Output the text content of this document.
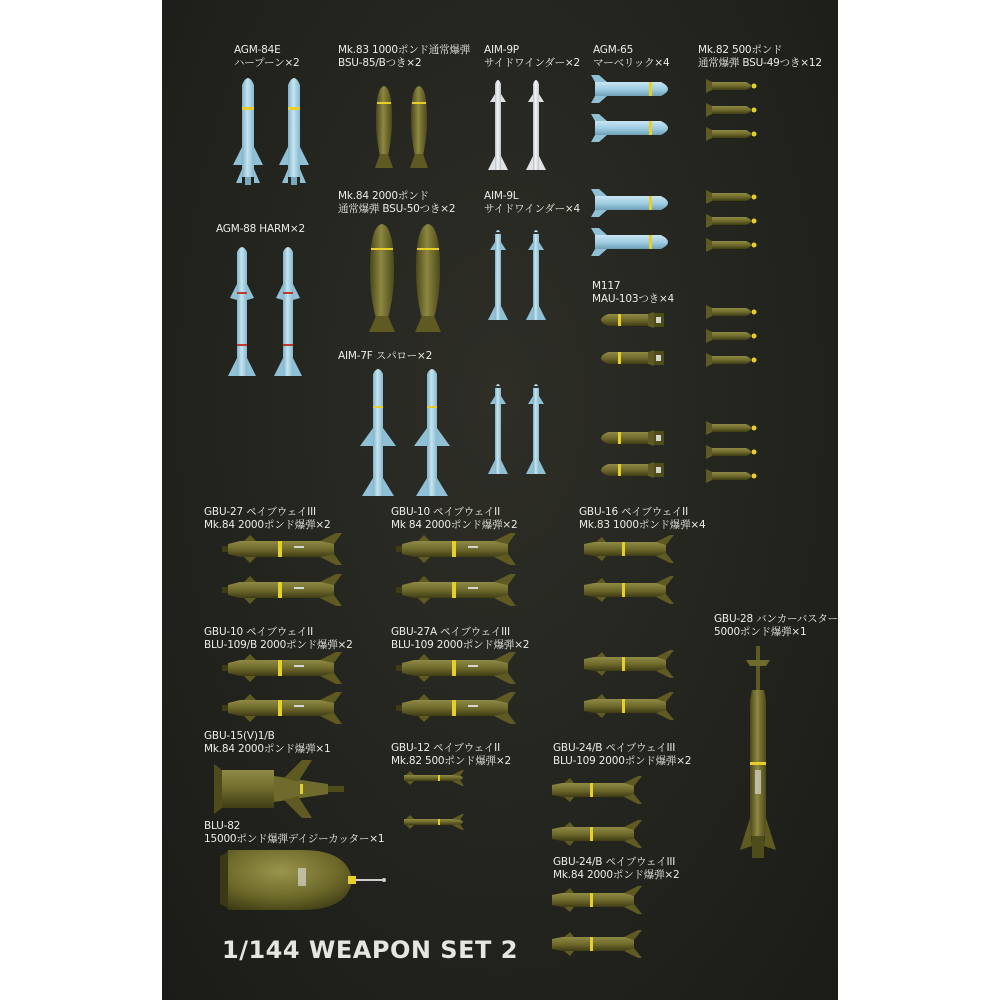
AGM-84E
ハープーン×2
Mk.83 1000ポンド通常爆弾
BSU-85/Bつき×2
AIM-9P
サイドワインダー×2
AGM-65
マーベリック×4
Mk.82 500ポンド
通常爆弾 BSU-49つき×12
Mk.84 2000ポンド
通常爆弾 BSU-50つき×2
AIM-9L
サイドワインダー×4
AGM-88 HARM×2
M117
MAU-103つき×4
AIM-7F スパロー×2
GBU-27 ペイブウェイIII
Mk.84 2000ポンド爆弾×2
GBU-10 ペイブウェイII
Mk 84 2000ポンド爆弾×2
GBU-16 ペイブウェイII
Mk.83 1000ポンド爆弾×4
GBU-28 バンカーバスター
5000ポンド爆弾×1
GBU-10 ペイブウェイII
BLU-109/B 2000ポンド爆弾×2
GBU-27A ペイブウェイIII
BLU-109 2000ポンド爆弾×2
GBU-15(V)1/B
Mk.84 2000ポンド爆弾×1	GBU-12 ペイブウェイII
Mk.82 500ポンド爆弾×2
GBU-24/B ペイブウェイIII
BLU-109 2000ポンド爆弾×2
BLU-82
15000ポンド爆弾デイジーカッター×1
GBU-24/B ペイブウェイIII
Mk.84 2000ポンド爆弾×2
1/144 WEAPON SET 2
